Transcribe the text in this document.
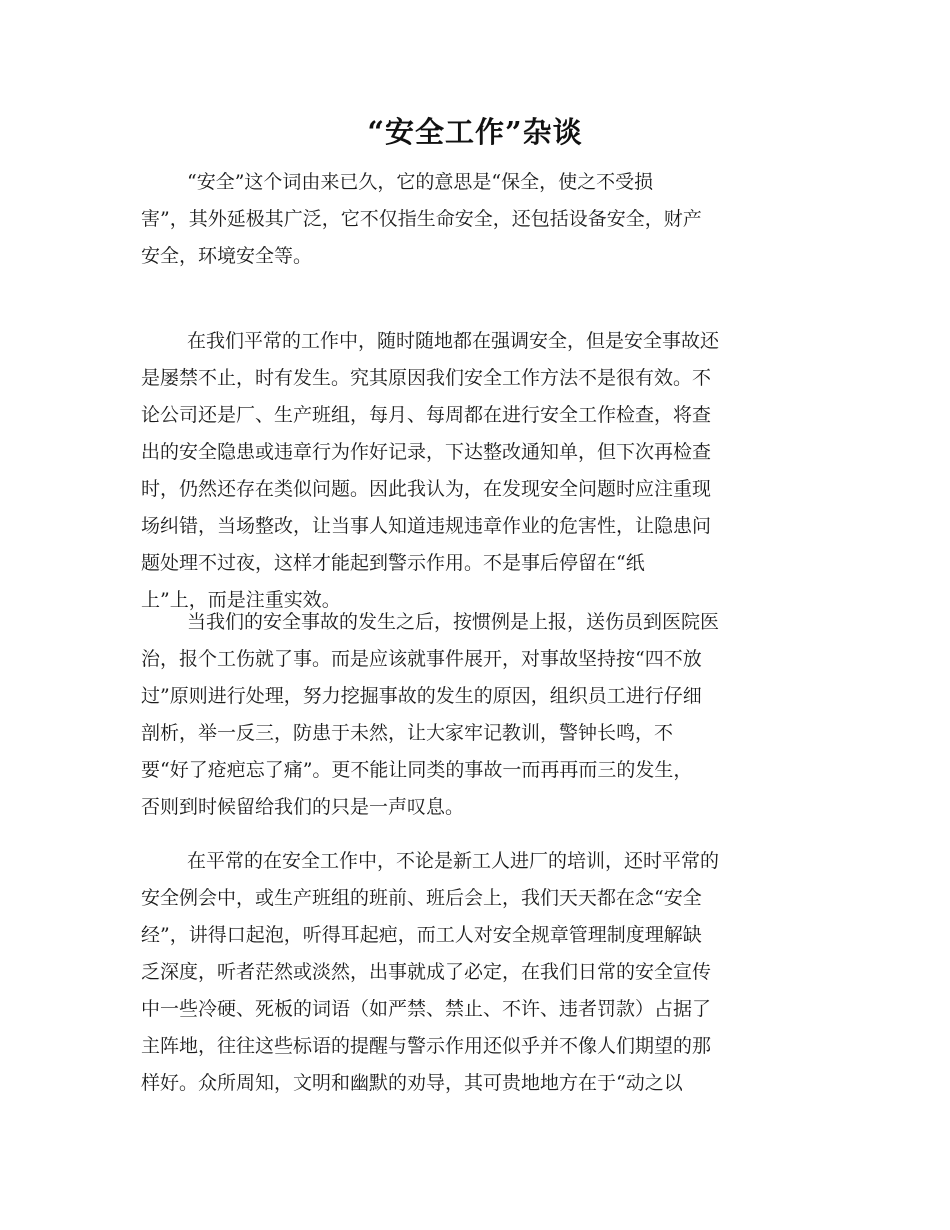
“安全工作”杂谈
“安全”这个词由来已久，它的意思是“保全，使之不受损
害”，其外延极其广泛，它不仅指生命安全，还包括设备安全，财产
安全，环境安全等。
在我们平常的工作中，随时随地都在强调安全，但是安全事故还
是屡禁不止，时有发生。究其原因我们安全工作方法不是很有效。不
论公司还是厂、生产班组，每月、每周都在进行安全工作检查，将查
出的安全隐患或违章行为作好记录，下达整改通知单，但下次再检查
时，仍然还存在类似问题。因此我认为，在发现安全问题时应注重现
场纠错，当场整改，让当事人知道违规违章作业的危害性，让隐患问
题处理不过夜，这样才能起到警示作用。不是事后停留在“纸
上”上，而是注重实效。
当我们的安全事故的发生之后，按惯例是上报，送伤员到医院医
治，报个工伤就了事。而是应该就事件展开，对事故坚持按“四不放
过”原则进行处理，努力挖掘事故的发生的原因，组织员工进行仔细
剖析，举一反三，防患于未然，让大家牢记教训，警钟长鸣，不
要“好了疮疤忘了痛”。更不能让同类的事故一而再再而三的发生，
否则到时候留给我们的只是一声叹息。
在平常的在安全工作中，不论是新工人进厂的培训，还时平常的
安全例会中，或生产班组的班前、班后会上，我们天天都在念“安全
经”，讲得口起泡，听得耳起疤，而工人对安全规章管理制度理解缺
乏深度，听者茫然或淡然，出事就成了必定，在我们日常的安全宣传
中一些冷硬、死板的词语（如严禁、禁止、不许、违者罚款）占据了
主阵地，往往这些标语的提醒与警示作用还似乎并不像人们期望的那
样好。众所周知，文明和幽默的劝导，其可贵地地方在于“动之以
